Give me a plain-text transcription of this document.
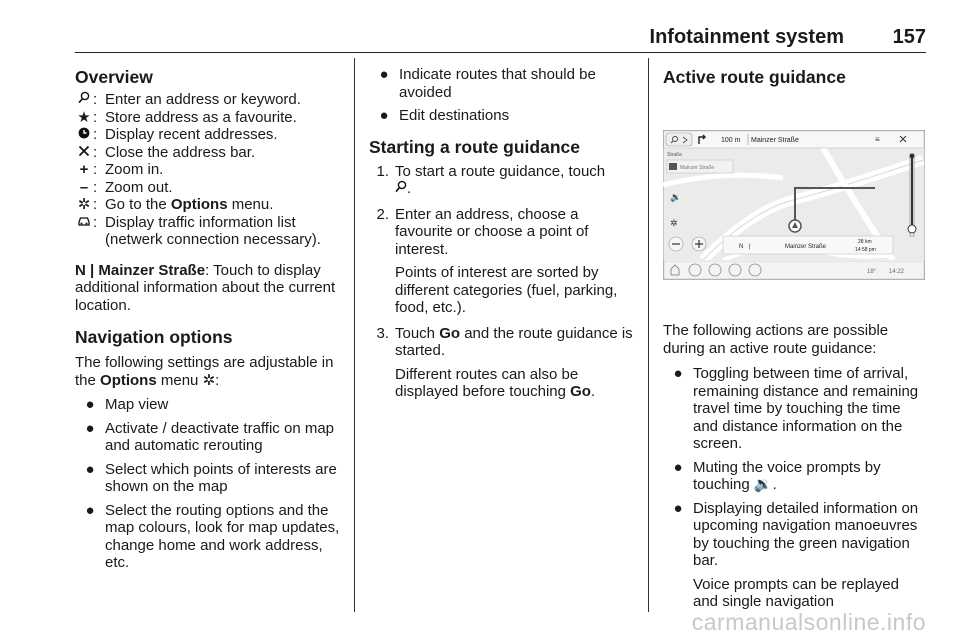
Infotainment system 157
Overview
: Enter an address or keyword.
★ : Store address as a favourite.
: Display recent addresses.
: Close the address bar.
+ : Zoom in.
– : Zoom out.
✲ : Go to the Options menu.
: Display traffic information list (netwerk connection necessary).

N | Mainzer Straße: Touch to display additional information about the current location.

Navigation options

The following settings are adjustable in the Options menu ✲:

● Map view
● Activate / deactivate traffic on map and automatic rerouting
● Select which points of interests are shown on the map
● Select the routing options and the map colours, look for map updates, change home and work address, etc.
● Indicate routes that should be avoided
● Edit destinations
Starting a route guidance
1. To start a route guidance, touch
.
2. Enter an address, choose a favourite or choose a point of interest.

Points of interest are sorted by different categories (fuel, parking, food, etc.).

3. Touch Go and the route guidance is started.

Different routes can also be displayed before touching Go.

Active route guidance
100 m Mainzer Straße	≡
Straße
Mainzer Straße
🔉
✲
N |	Mainzer Straße
28 km
14:58 pm
18° 14:22

The following actions are possible during an active route guidance:

● Toggling between time of arrival, remaining distance and remaining travel time by touching the time and distance information on the screen.
● Muting the voice prompts by touching 🔉.
● Displaying detailed information on upcoming navigation manoeuvres by touching the green navigation bar.

Voice prompts can be replayed and single navigation

carmanualsonline.info
